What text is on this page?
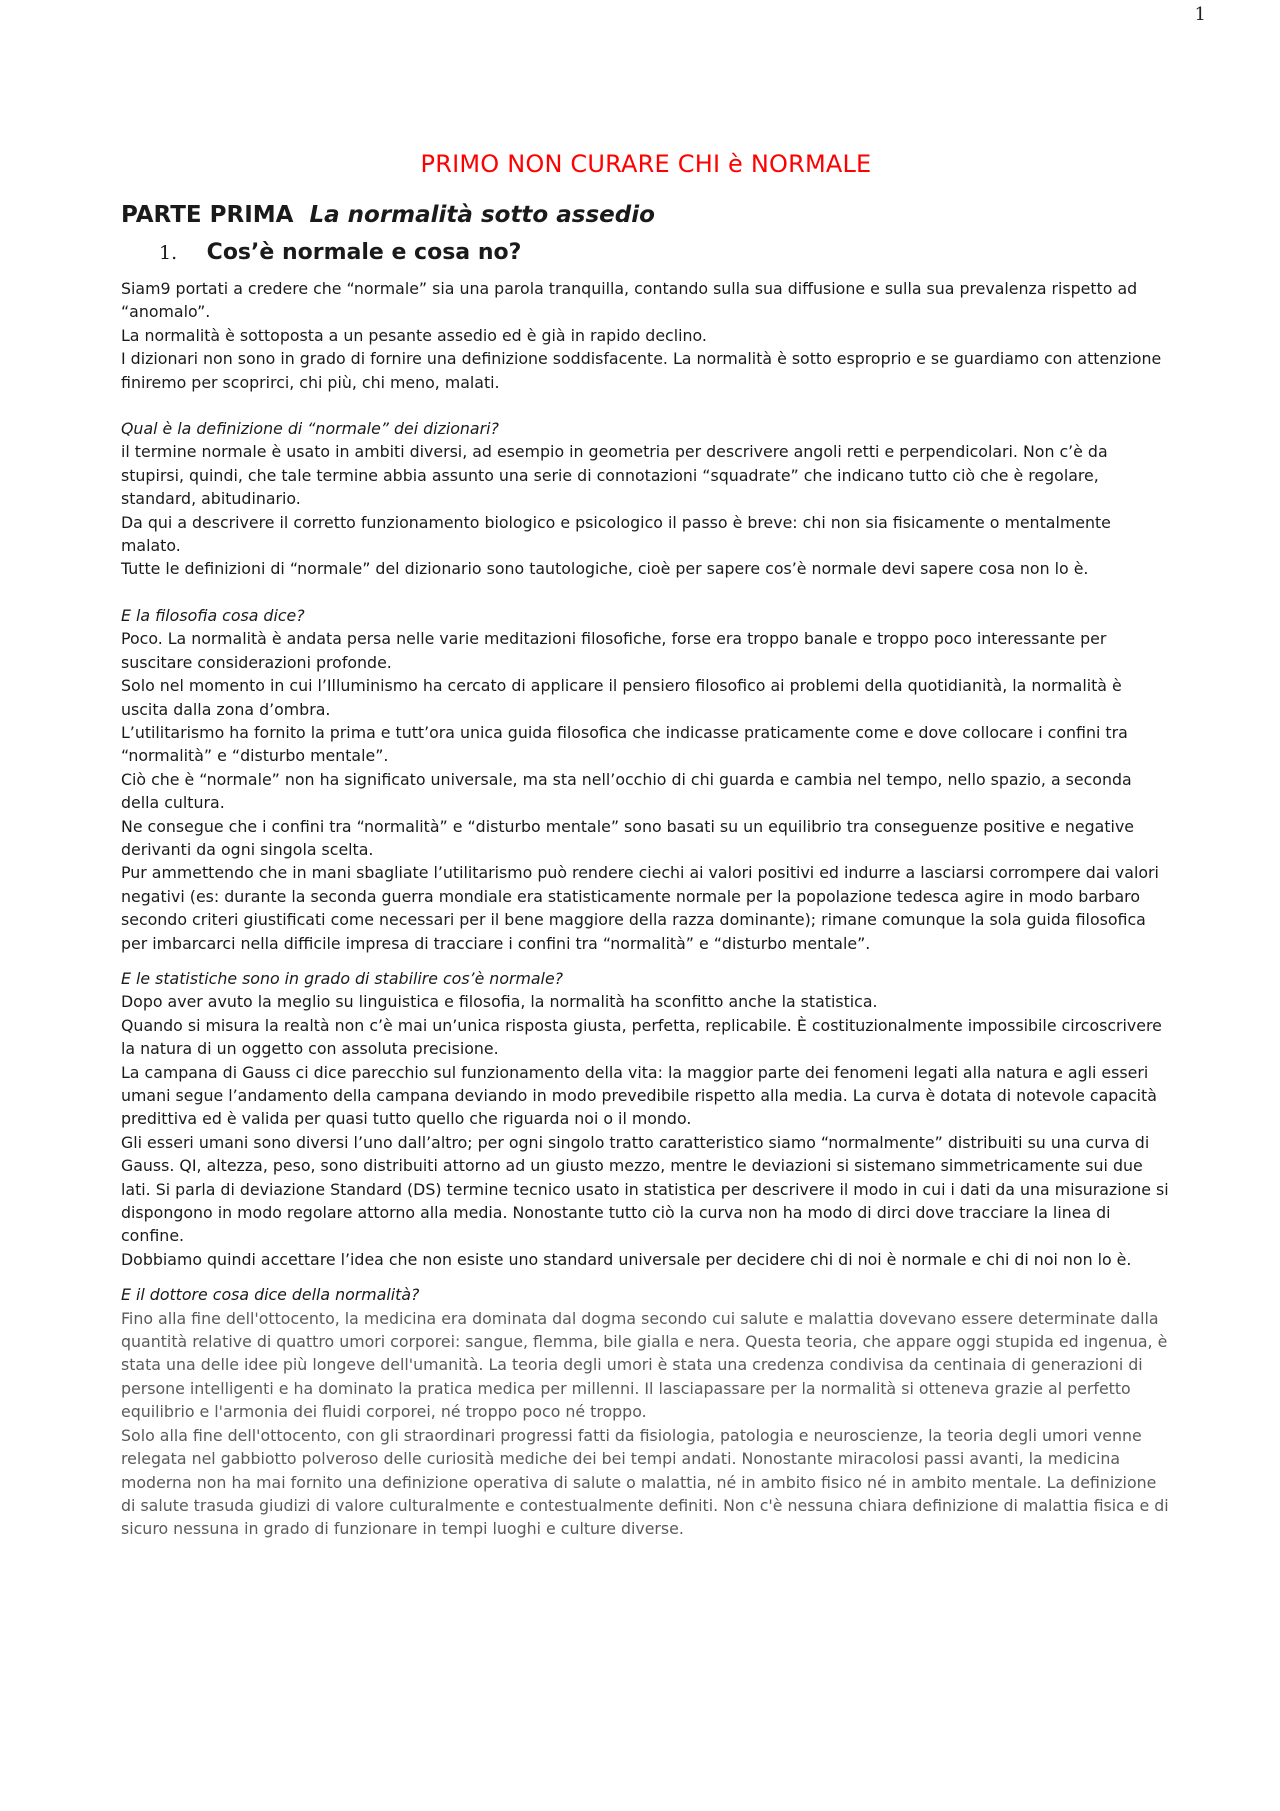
1
PRIMO NON CURARE CHI è NORMALE
PARTE PRIMA La normalità sotto assedio
1. Cos’è normale e cosa no?

Siam9 portati a credere che “normale” sia una parola tranquilla, contando sulla sua diffusione e sulla sua prevalenza rispetto ad “anomalo”.

La normalità è sottoposta a un pesante assedio ed è già in rapido declino.

I dizionari non sono in grado di fornire una definizione soddisfacente. La normalità è sotto esproprio e se guardiamo con attenzione finiremo per scoprirci, chi più, chi meno, malati.

Qual è la definizione di “normale” dei dizionari?

il termine normale è usato in ambiti diversi, ad esempio in geometria per descrivere angoli retti e perpendicolari. Non c’è da stupirsi, quindi, che tale termine abbia assunto una serie di connotazioni “squadrate” che indicano tutto ciò che è regolare, standard, abitudinario.

Da qui a descrivere il corretto funzionamento biologico e psicologico il passo è breve: chi non sia fisicamente o mentalmente malato.

Tutte le definizioni di “normale” del dizionario sono tautologiche, cioè per sapere cos’è normale devi sapere cosa non lo è.

E la filosofia cosa dice?

Poco. La normalità è andata persa nelle varie meditazioni filosofiche, forse era troppo banale e troppo poco interessante per suscitare considerazioni profonde.

Solo nel momento in cui l’Illuminismo ha cercato di applicare il pensiero filosofico ai problemi della quotidianità, la normalità è uscita dalla zona d’ombra.

L’utilitarismo ha fornito la prima e tutt’ora unica guida filosofica che indicasse praticamente come e dove collocare i confini tra “normalità” e “disturbo mentale”.

Ciò che è “normale” non ha significato universale, ma sta nell’occhio di chi guarda e cambia nel tempo, nello spazio, a seconda della cultura.

Ne consegue che i confini tra “normalità” e “disturbo mentale” sono basati su un equilibrio tra conseguenze positive e negative derivanti da ogni singola scelta.

Pur ammettendo che in mani sbagliate l’utilitarismo può rendere ciechi ai valori positivi ed indurre a lasciarsi corrompere dai valori negativi (es: durante la seconda guerra mondiale era statisticamente normale per la popolazione tedesca agire in modo barbaro secondo criteri giustificati come necessari per il bene maggiore della razza dominante); rimane comunque la sola guida filosofica per imbarcarci nella difficile impresa di tracciare i confini tra “normalità” e “disturbo mentale”.

E le statistiche sono in grado di stabilire cos’è normale?

Dopo aver avuto la meglio su linguistica e filosofia, la normalità ha sconfitto anche la statistica.

Quando si misura la realtà non c’è mai un’unica risposta giusta, perfetta, replicabile. È costituzionalmente impossibile circoscrivere la natura di un oggetto con assoluta precisione.

La campana di Gauss ci dice parecchio sul funzionamento della vita: la maggior parte dei fenomeni legati alla natura e agli esseri umani segue l’andamento della campana deviando in modo prevedibile rispetto alla media. La curva è dotata di notevole capacità predittiva ed è valida per quasi tutto quello che riguarda noi o il mondo.

Gli esseri umani sono diversi l’uno dall’altro; per ogni singolo tratto caratteristico siamo “normalmente” distribuiti su una curva di Gauss. QI, altezza, peso, sono distribuiti attorno ad un giusto mezzo, mentre le deviazioni si sistemano simmetricamente sui due lati. Si parla di deviazione Standard (DS) termine tecnico usato in statistica per descrivere il modo in cui i dati da una misurazione si dispongono in modo regolare attorno alla media. Nonostante tutto ciò la curva non ha modo di dirci dove tracciare la linea di confine.

Dobbiamo quindi accettare l’idea che non esiste uno standard universale per decidere chi di noi è normale e chi di noi non lo è.

E il dottore cosa dice della normalità?

Fino alla fine dell'ottocento, la medicina era dominata dal dogma secondo cui salute e malattia dovevano essere determinate dalla quantità relative di quattro umori corporei: sangue, flemma, bile gialla e nera. Questa teoria, che appare oggi stupida ed ingenua, è stata una delle idee più longeve dell'umanità. La teoria degli umori è stata una credenza condivisa da centinaia di generazioni di persone intelligenti e ha dominato la pratica medica per millenni. Il lasciapassare per la normalità si otteneva grazie al perfetto equilibrio e l'armonia dei fluidi corporei, né troppo poco né troppo.

Solo alla fine dell'ottocento, con gli straordinari progressi fatti da fisiologia, patologia e neuroscienze, la teoria degli umori venne relegata nel gabbiotto polveroso delle curiosità mediche dei bei tempi andati. Nonostante miracolosi passi avanti, la medicina moderna non ha mai fornito una definizione operativa di salute o malattia, né in ambito fisico né in ambito mentale. La definizione di salute trasuda giudizi di valore culturalmente e contestualmente definiti. Non c'è nessuna chiara definizione di malattia fisica e di sicuro nessuna in grado di funzionare in tempi luoghi e culture diverse.
